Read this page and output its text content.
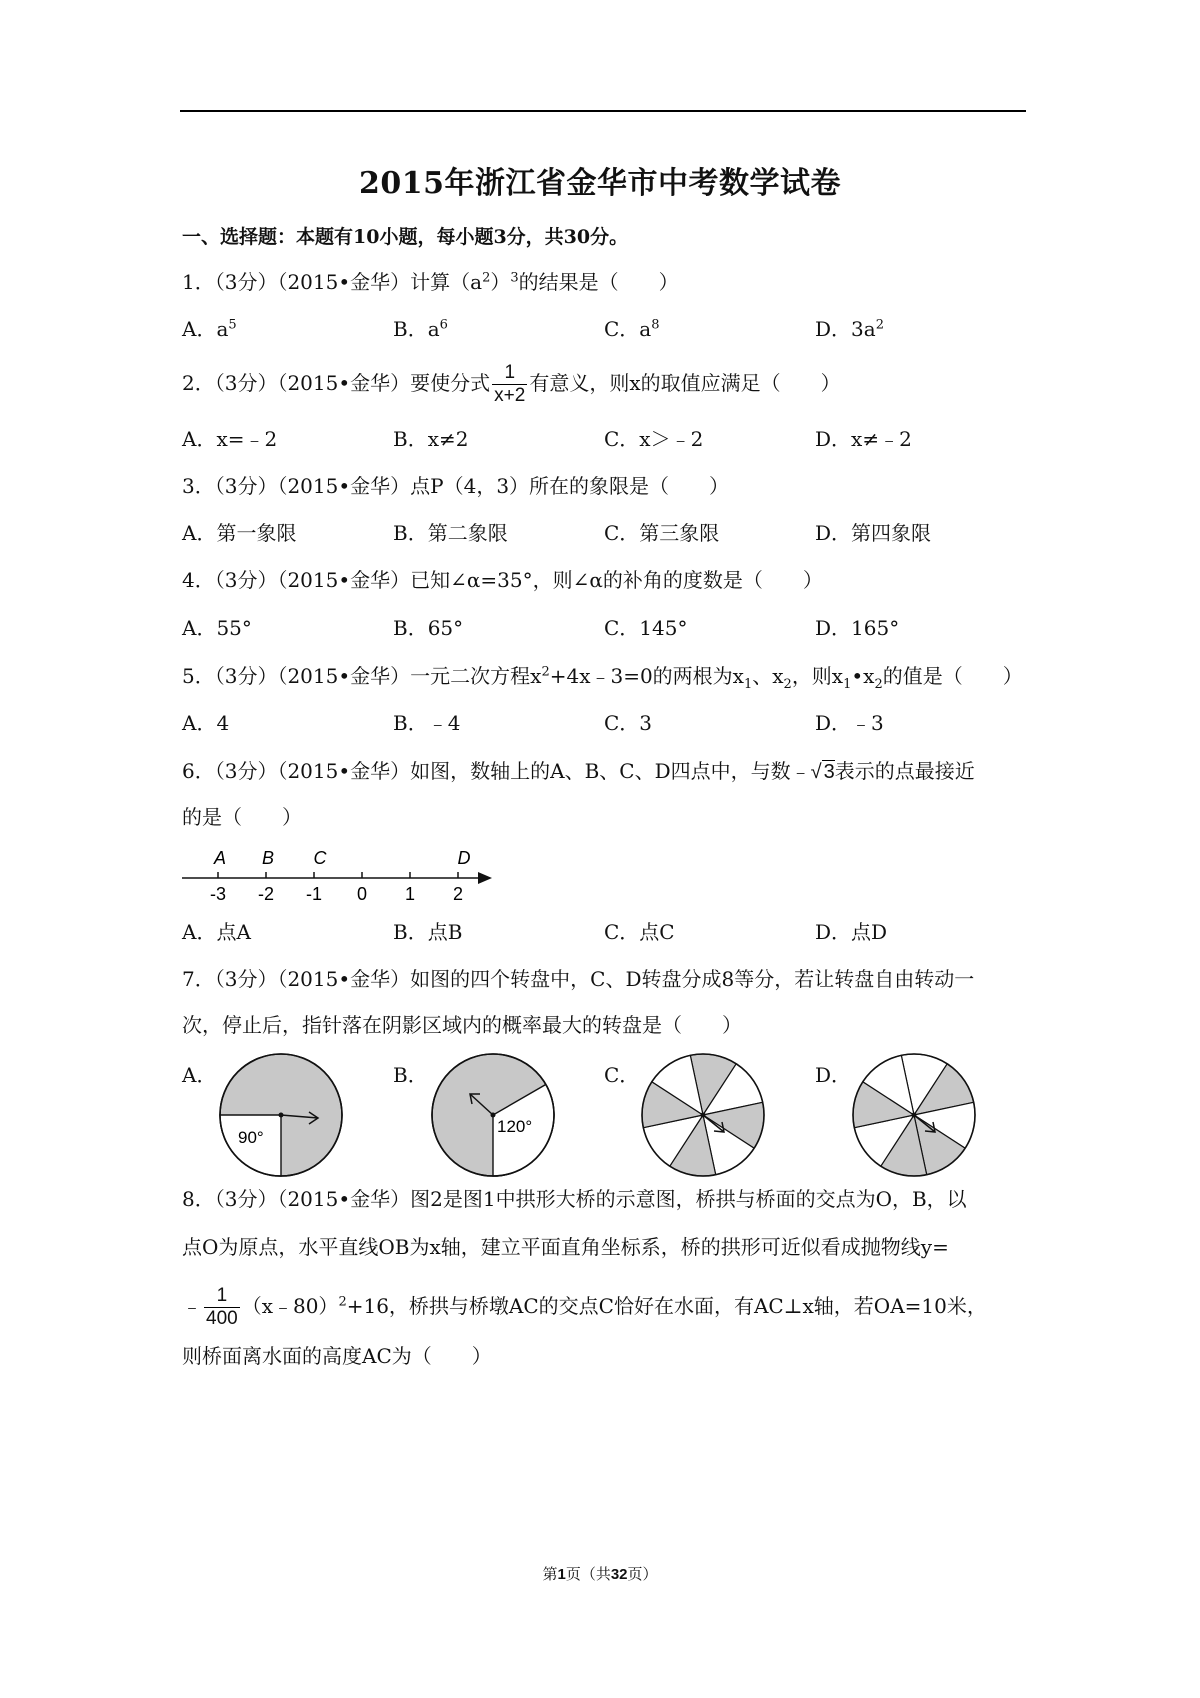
2015年浙江省金华市中考数学试卷
一、选择题：本题有10小题，每小题3分，共30分。
1．（3分）（2015•金华）计算$(a^2)^3$的结果是（　　）
A．$a^5$	B．$a^6$	C．$a^8$	D．$3a^2$
2．（3分）（2015•金华）要使分式 $\frac{1}{x+2}$ 有意义，则x的取值应满足（　　）
A．x=﹣2	B．x≠2	C．x＞﹣2	D．x≠﹣2
3．（3分）（2015•金华）点P（4，3）所在的象限是（　　）
A．第一象限	B．第二象限	C．第三象限	D．第四象限
4．（3分）（2015•金华）已知∠α=35°，则∠α的补角的度数是（　　）
A．55°	B．65°	C．145°	D．165°
5．（3分）（2015•金华）一元二次方程$x^2+4x﹣3=0$的两根为$x_1$、$x_2$，则$x_1•x_2$的值是（　　）
A．4	B．﹣4	C．3	D．﹣3
6．（3分）（2015•金华）如图，数轴上的A、B、C、D四点中，与数﹣√ 3表示的点最接近
的是（　　）
A B C	D
-3 -2 -1 0 1 2
A．点A	B．点B	C．点C	D．点D
7．（3分）（2015•金华）如图的四个转盘中，C、D转盘分成8等分，若让转盘自由转动一
次，停止后，指针落在阴影区域内的概率最大的转盘是（　　）
A．	B．	C．	D．
90°
120°
8．（3分）（2015•金华）图2是图1中拱形大桥的示意图，桥拱与桥面的交点为O，B，以
点O为原点，水平直线OB为x轴，建立平面直角坐标系，桥的拱形可近似看成抛物线y=
﹣ $\frac{1}{400}$ （x﹣80）$^2$+16，桥拱与桥墩AC的交点C恰好在水面，有AC⊥x轴，若OA=10米，
则桥面离水面的高度AC为（　　）
第1页（共32页）
